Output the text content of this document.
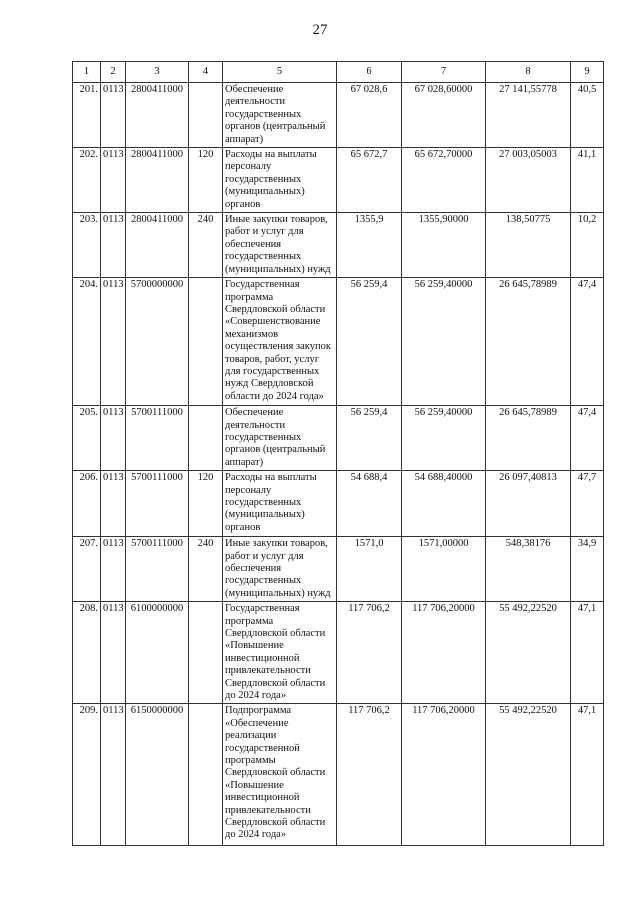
27
1	2	3	4	5	6	7	8	9
201.	0113	2800411000		Обеспечение деятельности государственных органов (центральный аппарат)	67 028,6	67 028,60000	27 141,55778	40,5
202.	0113	2800411000	120	Расходы на выплаты персоналу государственных (муниципальных) органов	65 672,7	65 672,70000	27 003,05003	41,1
203.	0113	2800411000	240	Иные закупки товаров, работ и услуг для обеспечения государственных (муниципальных) нужд	1355,9	1355,90000	138,50775	10,2
204.	0113	5700000000		Государственная программа Свердловской области «Совершенствование механизмов осуществления закупок товаров, работ, услуг для государственных нужд Свердловской области до 2024 года»	56 259,4	56 259,40000	26 645,78989	47,4
205.	0113	5700111000		Обеспечение деятельности государственных органов (центральный аппарат)	56 259,4	56 259,40000	26 645,78989	47,4
206.	0113	5700111000	120	Расходы на выплаты персоналу государственных (муниципальных) органов	54 688,4	54 688,40000	26 097,40813	47,7
207.	0113	5700111000	240	Иные закупки товаров, работ и услуг для обеспечения государственных (муниципальных) нужд	1571,0	1571,00000	548,38176	34,9
208.	0113	6100000000		Государственная программа Свердловской области «Повышение инвестиционной привлекательности Свердловской области до 2024 года»	117 706,2	117 706,20000	55 492,22520	47,1
209.	0113	6150000000		Подпрограмма «Обеспечение реализации государственной программы Свердловской области «Повышение инвестиционной привлекательности Свердловской области до 2024 года»	117 706,2	117 706,20000	55 492,22520	47,1
